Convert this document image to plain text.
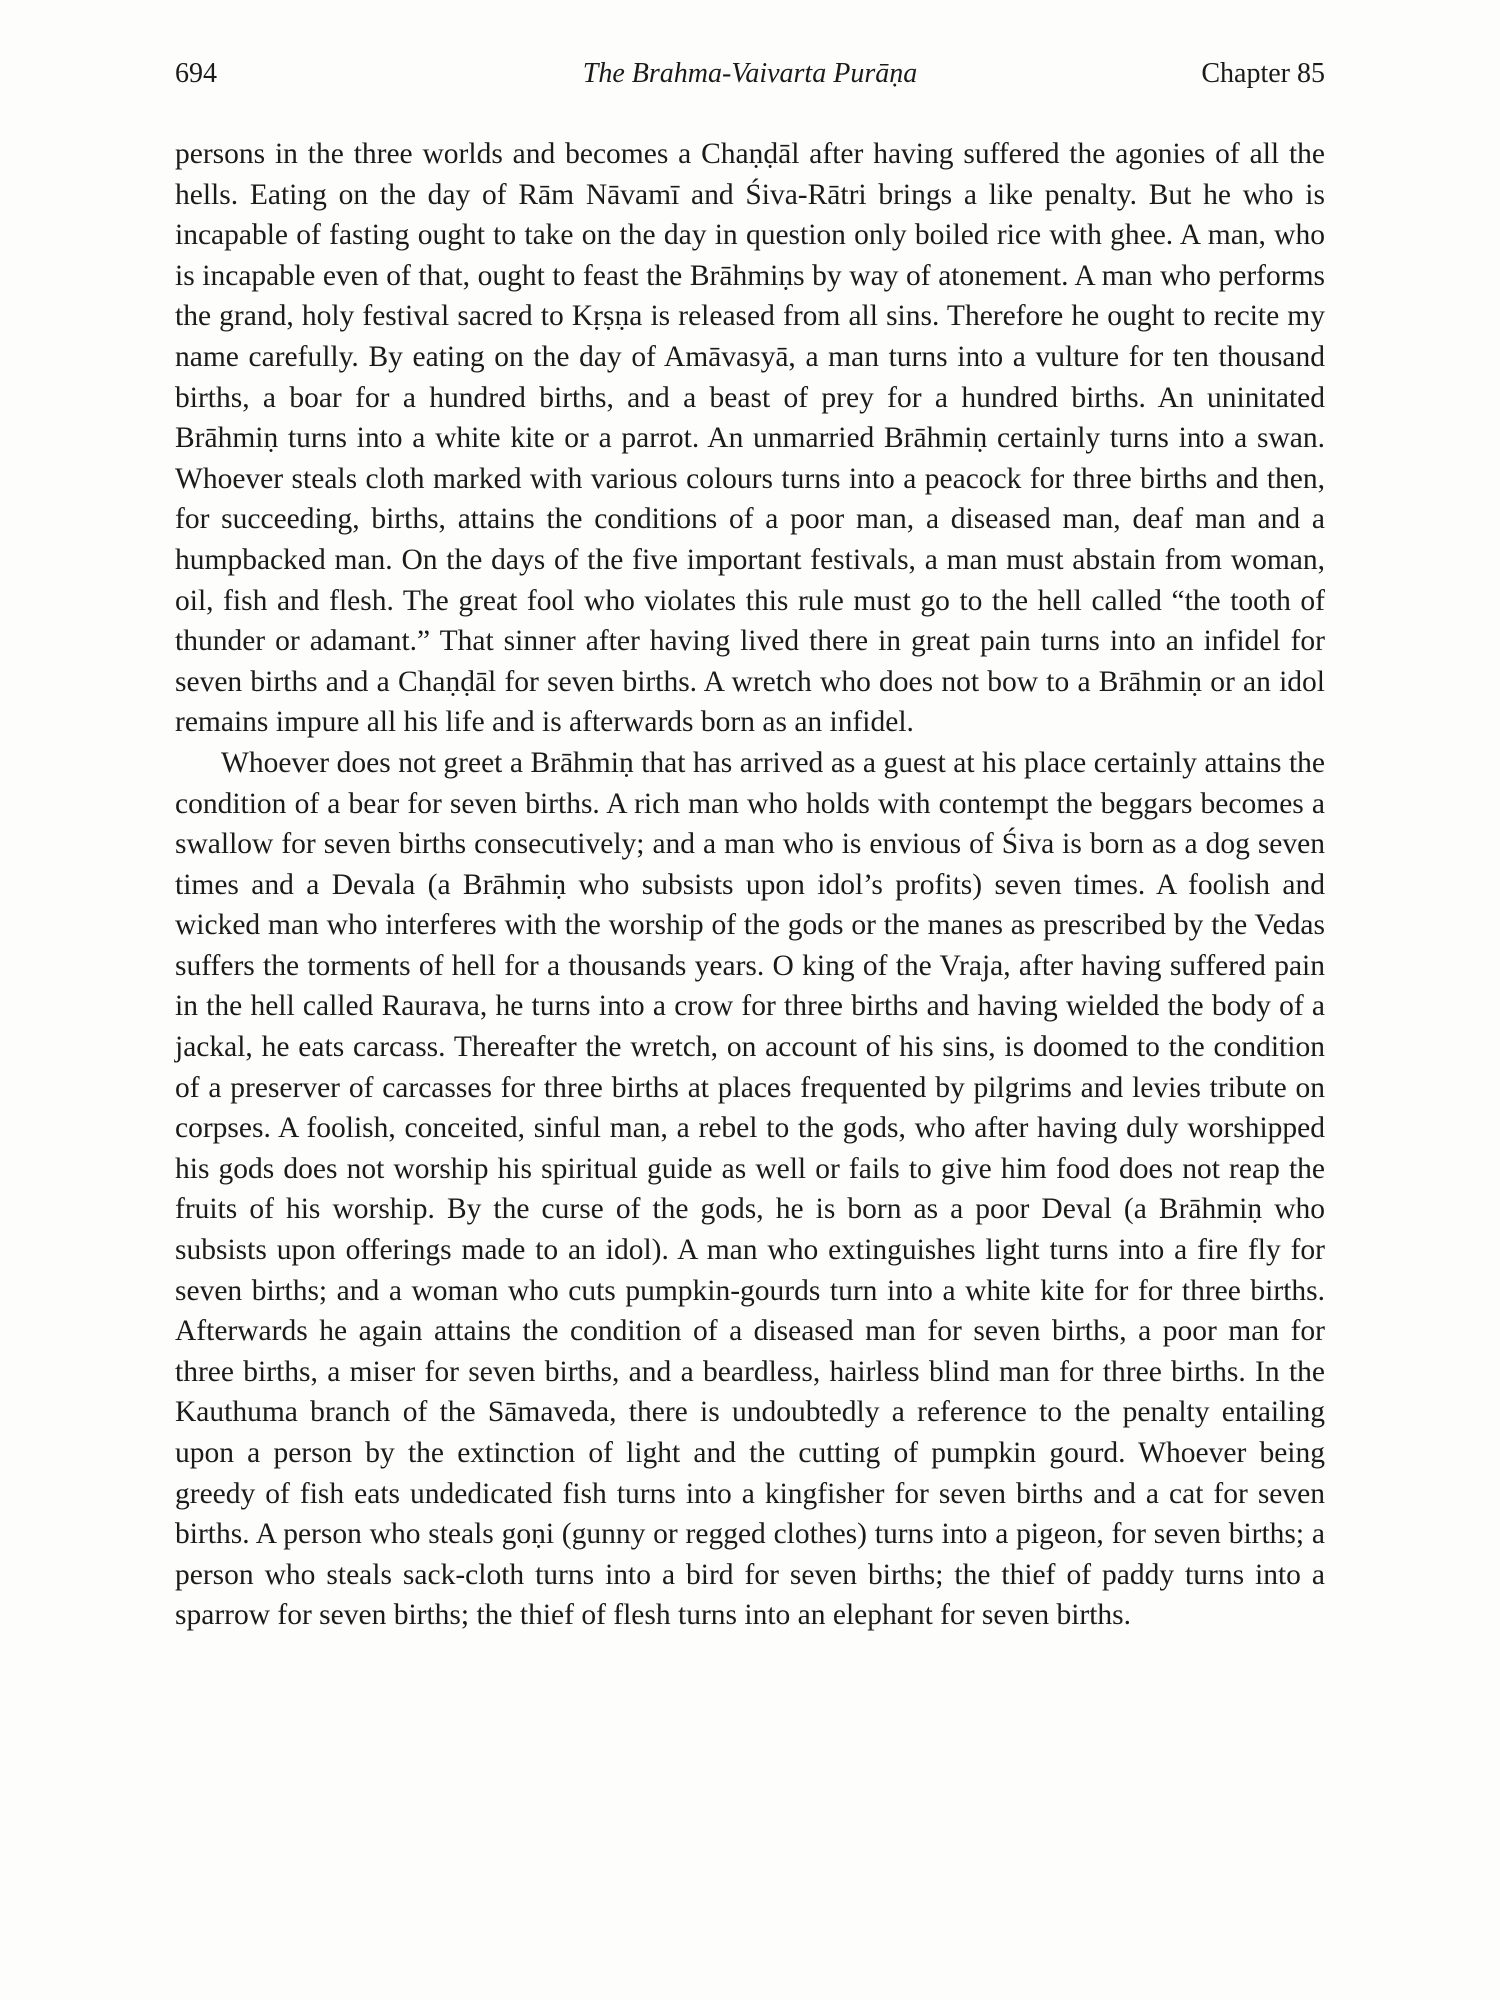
694	The Brahma-Vaivarta Purāṇa	Chapter 85

persons in the three worlds and becomes a Chaṇḍāl after having suffered the agonies of all the hells. Eating on the day of Rām Nāvamī and Śiva-Rātri brings a like penalty. But he who is incapable of fasting ought to take on the day in question only boiled rice with ghee. A man, who is incapable even of that, ought to feast the Brāhmiṇs by way of atonement. A man who performs the grand, holy festival sacred to Kṛṣṇa is released from all sins. Therefore he ought to recite my name carefully. By eating on the day of Amāvasyā, a man turns into a vulture for ten thousand births, a boar for a hundred births, and a beast of prey for a hundred births. An uninitated Brāhmiṇ turns into a white kite or a parrot. An unmarried Brāhmiṇ certainly turns into a swan. Whoever steals cloth marked with various colours turns into a peacock for three births and then, for succeeding, births, attains the conditions of a poor man, a diseased man, deaf man and a humpbacked man. On the days of the five important festivals, a man must abstain from woman, oil, fish and flesh. The great fool who violates this rule must go to the hell called “the tooth of thunder or adamant.” That sinner after having lived there in great pain turns into an infidel for seven births and a Chaṇḍāl for seven births. A wretch who does not bow to a Brāhmiṇ or an idol remains impure all his life and is afterwards born as an infidel.

Whoever does not greet a Brāhmiṇ that has arrived as a guest at his place certainly attains the condition of a bear for seven births. A rich man who holds with contempt the beggars becomes a swallow for seven births consecutively; and a man who is envious of Śiva is born as a dog seven times and a Devala (a Brāhmiṇ who subsists upon idol’s profits) seven times. A foolish and wicked man who interferes with the worship of the gods or the manes as prescribed by the Vedas suffers the torments of hell for a thousands years. O king of the Vraja, after having suffered pain in the hell called Raurava, he turns into a crow for three births and having wielded the body of a jackal, he eats carcass. Thereafter the wretch, on account of his sins, is doomed to the condition of a preserver of carcasses for three births at places frequented by pilgrims and levies tribute on corpses. A foolish, conceited, sinful man, a rebel to the gods, who after having duly worshipped his gods does not worship his spiritual guide as well or fails to give him food does not reap the fruits of his worship. By the curse of the gods, he is born as a poor Deval (a Brāhmiṇ who subsists upon offerings made to an idol). A man who extinguishes light turns into a fire fly for seven births; and a woman who cuts pumpkin-gourds turn into a white kite for for three births. Afterwards he again attains the condition of a diseased man for seven births, a poor man for three births, a miser for seven births, and a beardless, hairless blind man for three births. In the Kauthuma branch of the Sāmaveda, there is undoubtedly a reference to the penalty entailing upon a person by the extinction of light and the cutting of pumpkin gourd. Whoever being greedy of fish eats undedicated fish turns into a kingfisher for seven births and a cat for seven births. A person who steals goṇi (gunny or regged clothes) turns into a pigeon, for seven births; a person who steals sack-cloth turns into a bird for seven births; the thief of paddy turns into a sparrow for seven births; the thief of flesh turns into an elephant for seven births.
